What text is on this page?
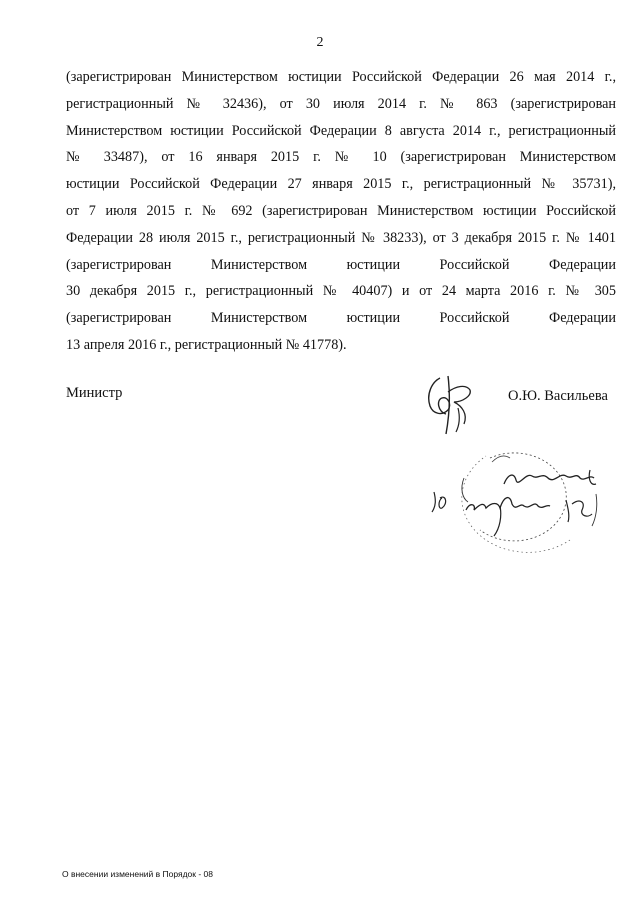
2
(зарегистрирован Министерством юстиции Российской Федерации 26 мая 2014 г.,
регистрационный № 32436), от 30 июля 2014 г. № 863 (зарегистрирован
Министерством юстиции Российской Федерации 8 августа 2014 г., регистрационный
№ 33487), от 16 января 2015 г. № 10 (зарегистрирован Министерством
юстиции Российской Федерации 27 января 2015 г., регистрационный № 35731),
от 7 июля 2015 г. № 692 (зарегистрирован Министерством юстиции Российской
Федерации 28 июля 2015 г., регистрационный № 38233), от 3 декабря 2015 г. № 1401
(зарегистрирован Министерством юстиции Российской Федерации
30 декабря 2015 г., регистрационный № 40407) и от 24 марта 2016 г. № 305
(зарегистрирован Министерством юстиции Российской Федерации
13 апреля 2016 г., регистрационный № 41778).
Министр	О.Ю. Васильева
О внесении изменений в Порядок - 08
